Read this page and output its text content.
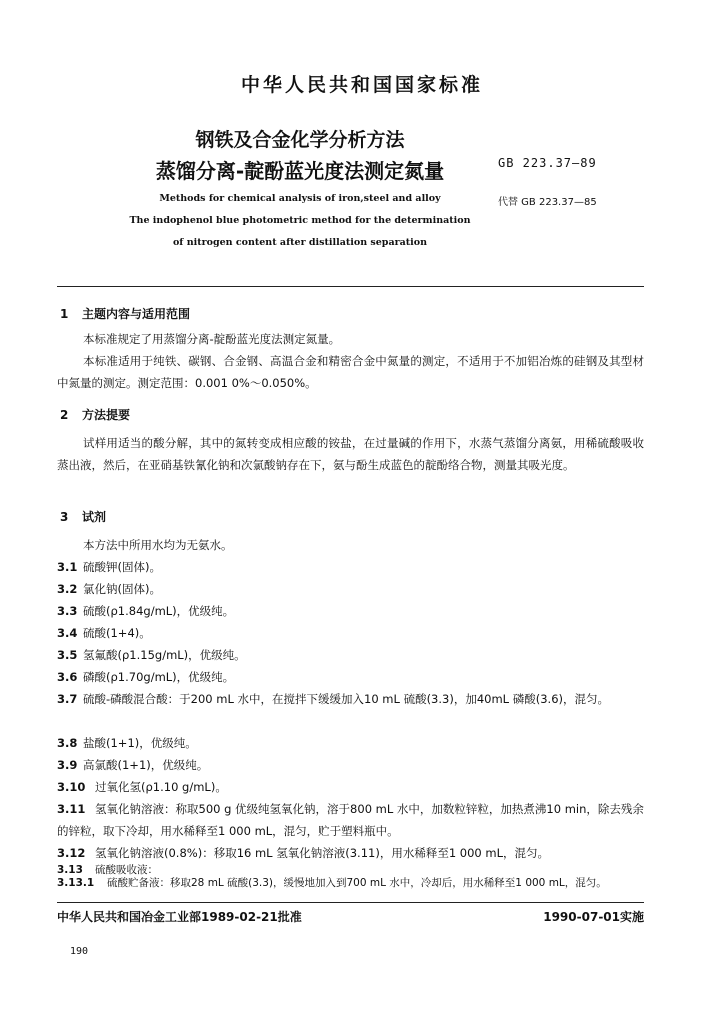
中华人民共和国国家标准
钢铁及合金化学分析方法
蒸馏分离-靛酚蓝光度法测定氮量	GB 223.37—89
代替 GB 223.37—85
Methods for chemical analysis of iron,steel and alloy
The indophenol blue photometric method for the determination
of nitrogen content after distillation separation
1 主题内容与适用范围
本标准规定了用蒸馏分离-靛酚蓝光度法测定氮量。
本标准适用于纯铁、碳钢、合金钢、高温合金和精密合金中氮量的测定，不适用于不加铝冶炼的硅钢及其型材中氮量的测定。测定范围：0.001 0%～0.050%。
2 方法提要
试样用适当的酸分解，其中的氮转变成相应酸的铵盐，在过量碱的作用下，水蒸气蒸馏分离氨，用稀硫酸吸收蒸出液，然后，在亚硝基铁氰化钠和次氯酸钠存在下，氨与酚生成蓝色的靛酚络合物，测量其吸光度。
3 试剂
本方法中所用水均为无氨水。
3.1 硫酸钾(固体)。
3.2 氯化钠(固体)。
3.3 硫酸(ρ1.84g/mL)，优级纯。
3.4 硫酸(1+4)。
3.5 氢氟酸(ρ1.15g/mL)，优级纯。
3.6 磷酸(ρ1.70g/mL)，优级纯。
3.7 硫酸-磷酸混合酸：于200 mL 水中，在搅拌下缓缓加入10 mL 硫酸(3.3)，加40mL 磷酸(3.6)，混匀。
3.8 盐酸(1+1)，优级纯。
3.9 高氯酸(1+1)，优级纯。
3.10 过氧化氢(ρ1.10 g/mL)。
3.11 氢氧化钠溶液：称取500 g 优级纯氢氧化钠，溶于800 mL 水中，加数粒锌粒，加热煮沸10 min，除去残余的锌粒，取下冷却，用水稀释至1 000 mL，混匀，贮于塑料瓶中。
3.12 氢氧化钠溶液(0.8%)：移取16 mL 氢氧化钠溶液(3.11)，用水稀释至1 000 mL，混匀。
3.13 硫酸吸收液：
3.13.1 硫酸贮备液：移取28 mL 硫酸(3.3)，缓慢地加入到700 mL 水中，冷却后，用水稀释至1 000 mL，混匀。
中华人民共和国冶金工业部1989-02-21批准	1990-07-01实施
190
